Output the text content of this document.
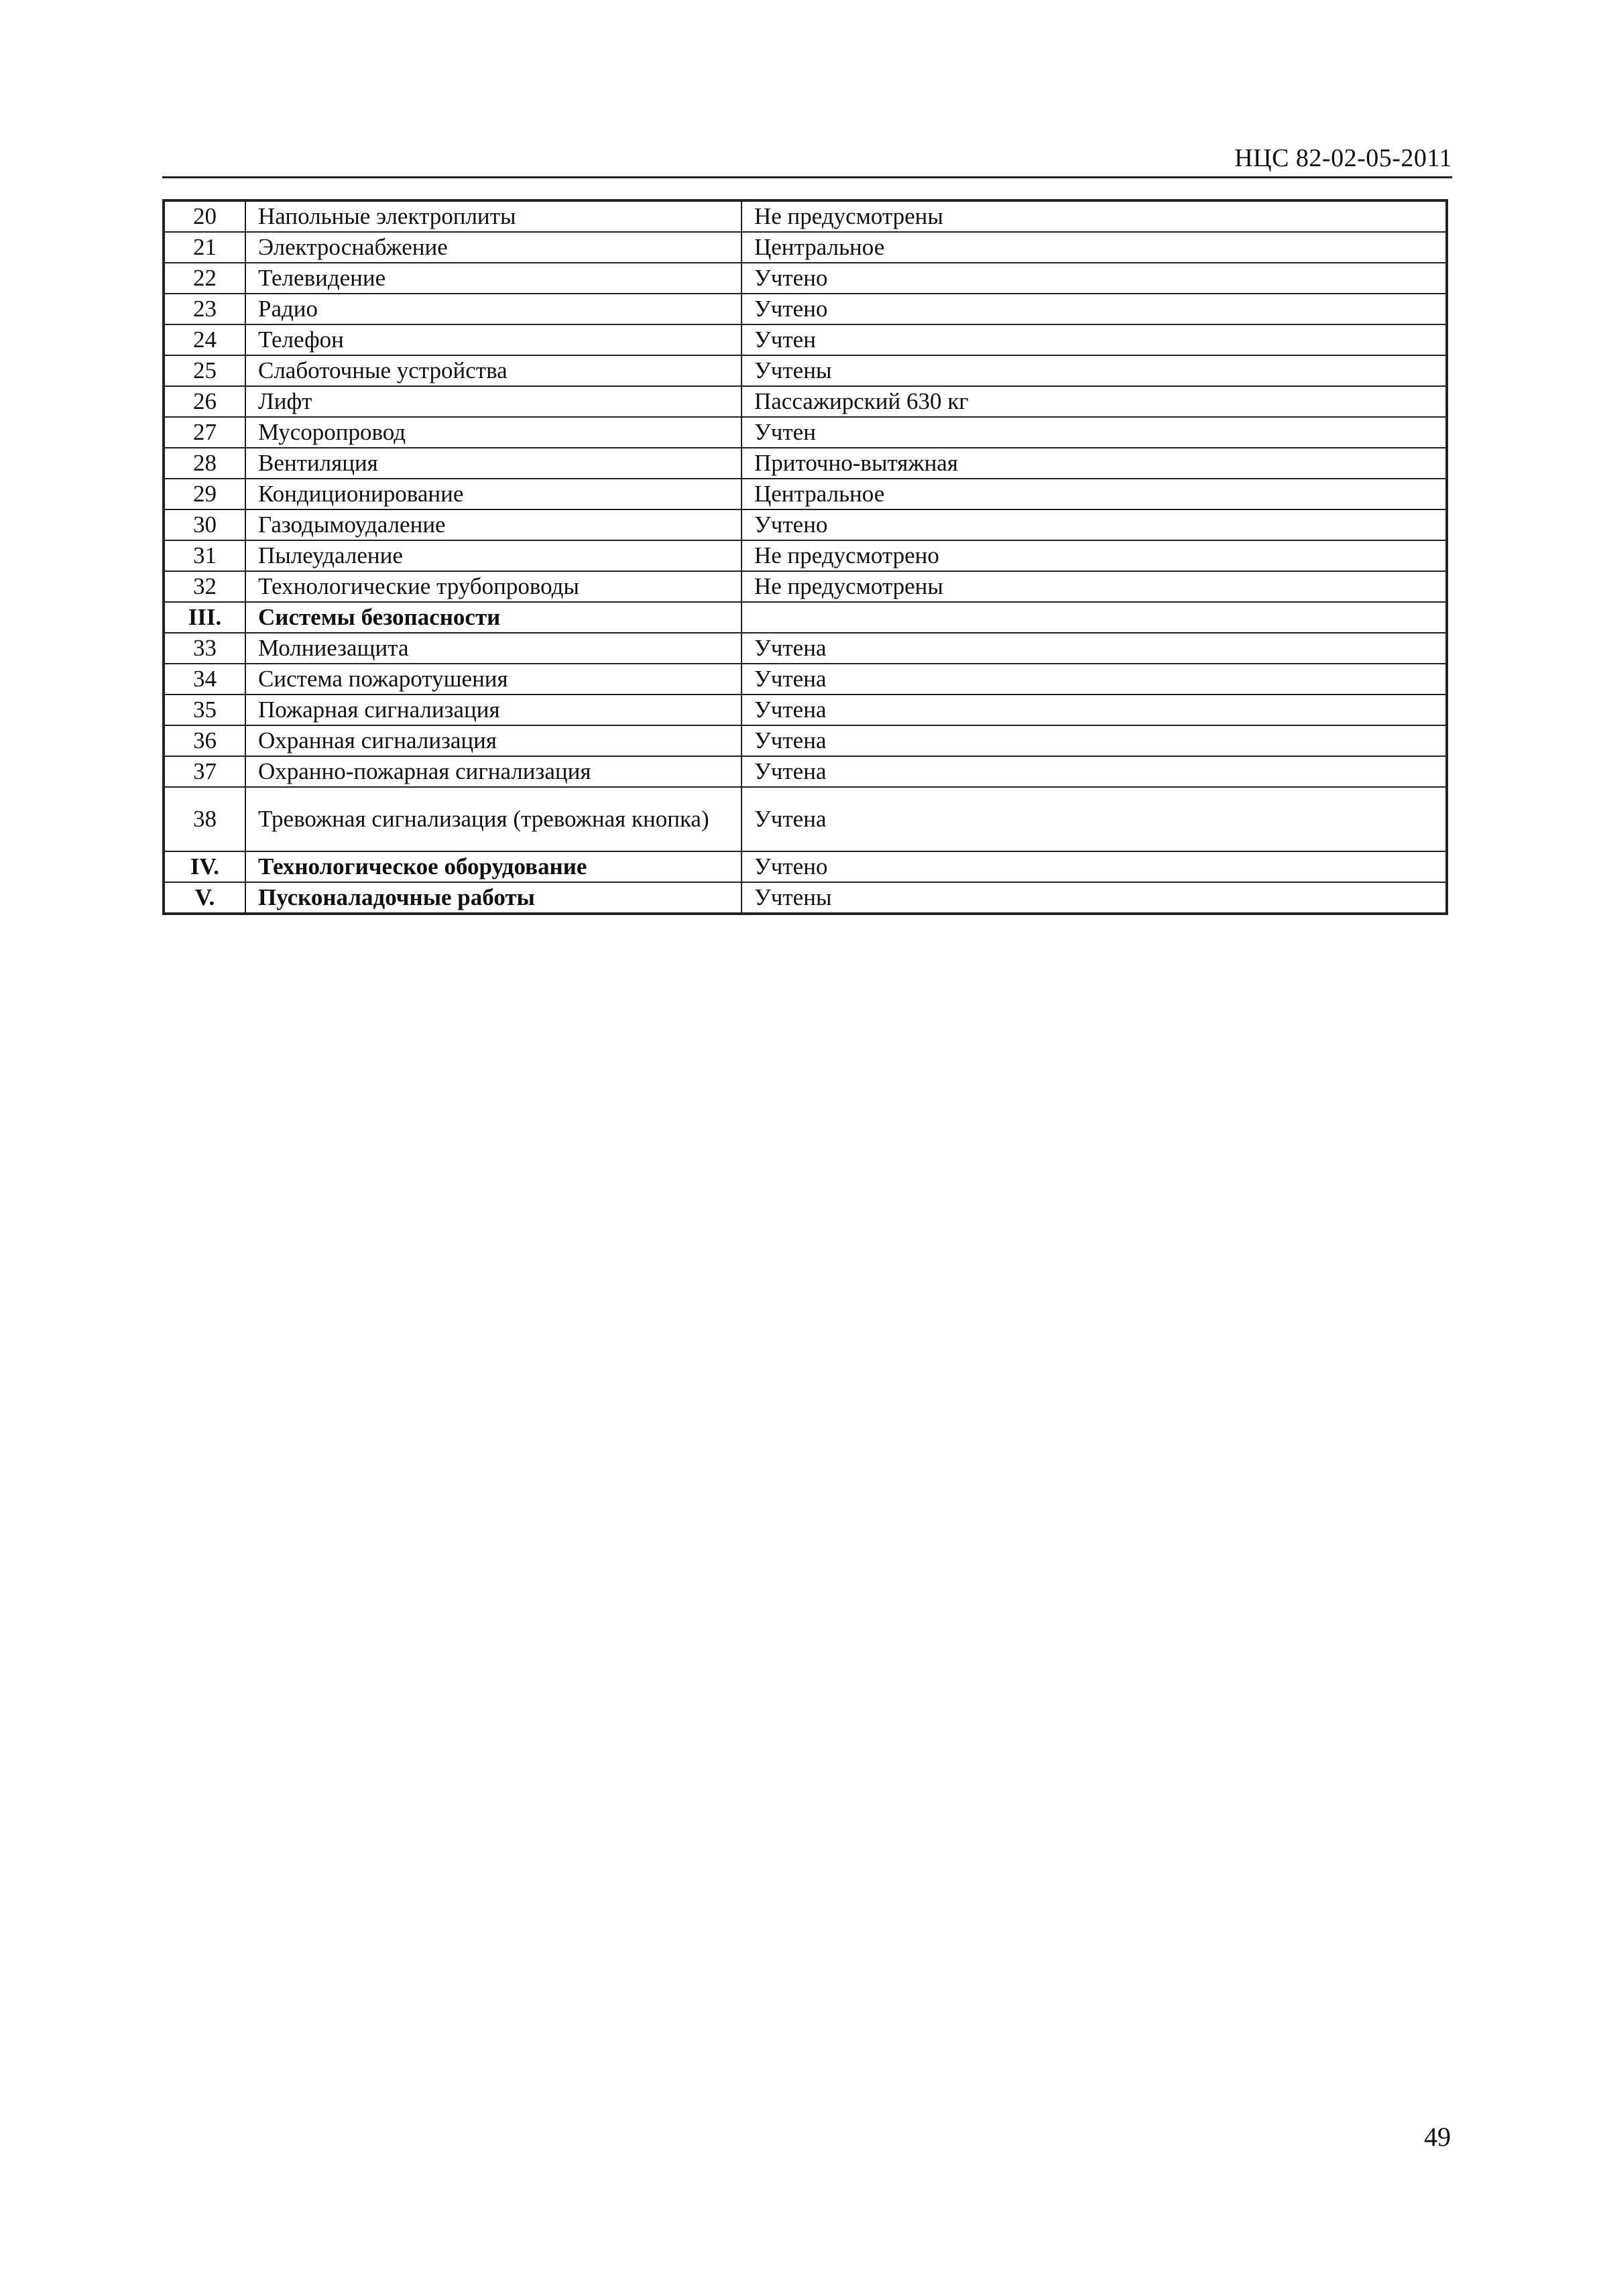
НЦС 82-02-05-2011
20	Напольные электроплиты	Не предусмотрены
21	Электроснабжение	Центральное
22	Телевидение	Учтено
23	Радио	Учтено
24	Телефон	Учтен
25	Слаботочные устройства	Учтены
26	Лифт	Пассажирский 630 кг
27	Мусоропровод	Учтен
28	Вентиляция	Приточно-вытяжная
29	Кондиционирование	Центральное
30	Газодымоудаление	Учтено
31	Пылеудаление	Не предусмотрено
32	Технологические трубопроводы	Не предусмотрены
III.	Системы безопасности	
33	Молниезащита	Учтена
34	Система пожаротушения	Учтена
35	Пожарная сигнализация	Учтена
36	Охранная сигнализация	Учтена
37	Охранно-пожарная сигнализация	Учтена
38	Тревожная сигнализация (тревожная кнопка)	Учтена
IV.	Технологическое оборудование	Учтено
V.	Пусконаладочные работы	Учтены
49
